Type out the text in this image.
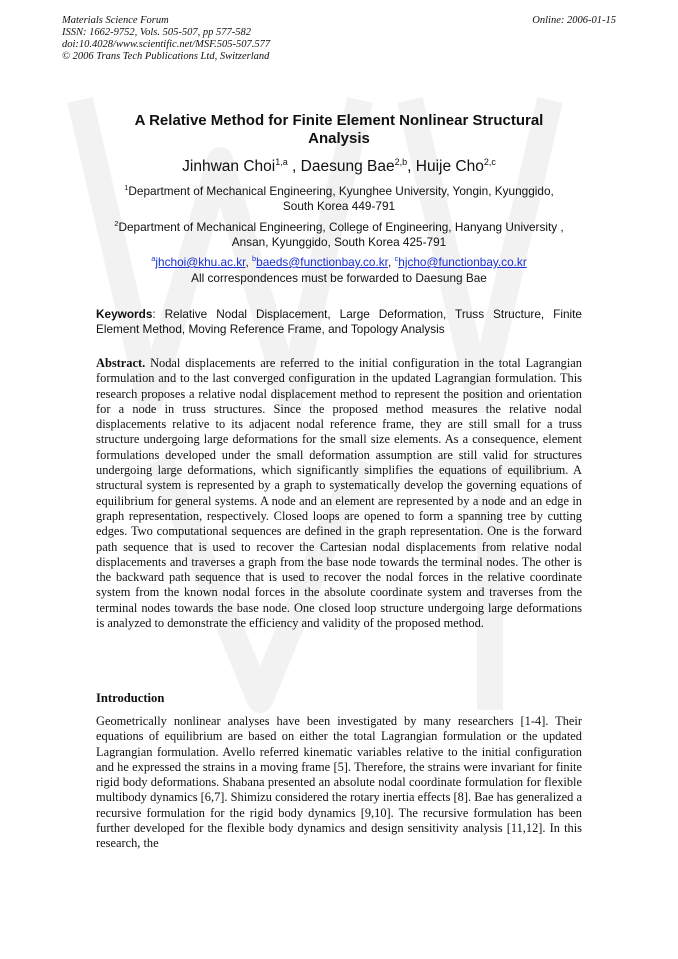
Materials Science Forum
ISSN: 1662-9752, Vols. 505-507, pp 577-582
doi:10.4028/www.scientific.net/MSF.505-507.577
© 2006 Trans Tech Publications Ltd, Switzerland
Online: 2006-01-15
A Relative Method for Finite Element Nonlinear Structural
Analysis
Jinhwan Choi$^{1,a}$ , Daesung Bae$^{2,b}$, Huije Cho$^{2,c}$
$^1$Department of Mechanical Engineering, Kyunghee University, Yongin, Kyunggido,
South Korea 449-791
$^2$Department of Mechanical Engineering, College of Engineering, Hanyang University ,
Ansan, Kyunggido, South Korea 425-791
$^a$jhchoi@khu.ac.kr, $^b$baeds@functionbay.co.kr, $^c$hjcho@functionbay.co.kr
All correspondences must be forwarded to Daesung Bae
Keywords: Relative Nodal Displacement, Large Deformation, Truss Structure, Finite Element Method, Moving Reference Frame, and Topology Analysis

Abstract. Nodal displacements are referred to the initial configuration in the total Lagrangian formulation and to the last converged configuration in the updated Lagrangian formulation. This research proposes a relative nodal displacement method to represent the position and orientation for a node in truss structures. Since the proposed method measures the relative nodal displacements relative to its adjacent nodal reference frame, they are still small for a truss structure undergoing large deformations for the small size elements. As a consequence, element formulations developed under the small deformation assumption are still valid for structures undergoing large deformations, which significantly simplifies the equations of equilibrium. A structural system is represented by a graph to systematically develop the governing equations of equilibrium for general systems. A node and an element are represented by a node and an edge in graph representation, respectively. Closed loops are opened to form a spanning tree by cutting edges. Two computational sequences are defined in the graph representation. One is the forward path sequence that is used to recover the Cartesian nodal displacements from relative nodal displacements and traverses a graph from the base node towards the terminal nodes. The other is the backward path sequence that is used to recover the nodal forces in the relative coordinate system from the known nodal forces in the absolute coordinate system and traverses from the terminal nodes towards the base node. One closed loop structure undergoing large deformations is analyzed to demonstrate the efficiency and validity of the proposed method.

Introduction

Geometrically nonlinear analyses have been investigated by many researchers [1-4]. Their equations of equilibrium are based on either the total Lagrangian formulation or the updated Lagrangian formulation. Avello referred kinematic variables relative to the initial configuration and he expressed the strains in a moving frame [5]. Therefore, the strains were invariant for finite rigid body deformations. Shabana presented an absolute nodal coordinate formulation for flexible multibody dynamics [6,7]. Shimizu considered the rotary inertia effects [8]. Bae has generalized a recursive formulation for the rigid body dynamics [9,10]. The recursive formulation has been further developed for the flexible body dynamics and design sensitivity analysis [11,12]. In this research, the
